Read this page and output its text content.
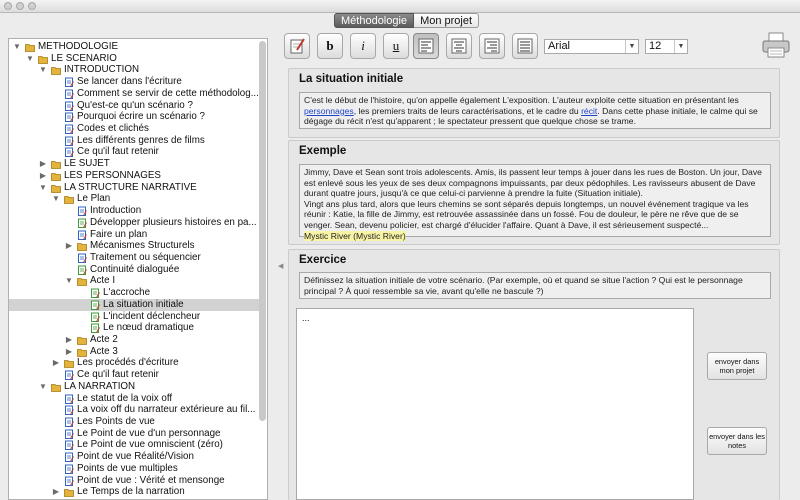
Méthodologie	Mon projet
▼ METHODOLOGIE
▼ LE SCENARIO
▼ INTRODUCTION
Se lancer dans l'écriture
Comment se servir de cette méthodolog...
Qu'est-ce qu'un scénario ?
Pourquoi écrire un scénario ?
Codes et clichés
Les différents genres de films
Ce qu'il faut retenir
▶ LE SUJET
▶ LES PERSONNAGES
▼ LA STRUCTURE NARRATIVE
▼ Le Plan
Introduction
Développer plusieurs histoires en pa...
Faire un plan
▶ Mécanismes Structurels
Traitement ou séquencier
Continuité dialoguée
▼ Acte I
L'accroche
La situation initiale
L'incident déclencheur
Le nœud dramatique
▶ Acte 2
▶ Acte 3
▶ Les procédés d'écriture
Ce qu'il faut retenir
▼ LA NARRATION
Le statut de la voix off
La voix off du narrateur extérieure au fil...
Les Points de vue
Le Point de vue d'un personnage
Le Point de vue omniscient (zéro)
Point de vue Réalité/Vision
Points de vue multiples
Point de vue : Vérité et mensonge
▶ Le Temps de la narration
◀
b	i	u	Arial	▼	12	▼
La situation initiale
C'est le début de l'histoire, qu'on appelle également L'exposition. L'auteur exploite cette situation en présentant les personnages, les premiers traits de leurs caractérisations, et le cadre du récit. Dans cette phase initiale, le calme qui se dégage du récit n'est qu'apparent ; le spectateur pressent que quelque chose se trame.
Exemple
Jimmy, Dave et Sean sont trois adolescents. Amis, ils passent leur temps à jouer dans les rues de Boston. Un jour, Dave est enlevé sous les yeux de ses deux compagnons impuissants, par deux pédophiles. Les ravisseurs abusent de Dave durant quatre jours, jusqu'à ce que celui-ci parvienne à prendre la fuite (Situation initiale).
Vingt ans plus tard, alors que leurs chemins se sont séparés depuis longtemps, un nouvel événement tragique va les réunir : Katie, la fille de Jimmy, est retrouvée assassinée dans un fossé. Fou de douleur, le père ne rêve que de se venger. Sean, devenu policier, est chargé d'élucider l'affaire. Quant à Dave, il est sérieusement suspecté...
Mystic River (Mystic River)
Exercice
Définissez la situation initiale de votre scénario. (Par exemple, où et quand se situe l'action ? Qui est le personnage principal ? À quoi ressemble sa vie, avant qu'elle ne bascule ?)
...
envoyer dans mon projet
envoyer dans les notes
